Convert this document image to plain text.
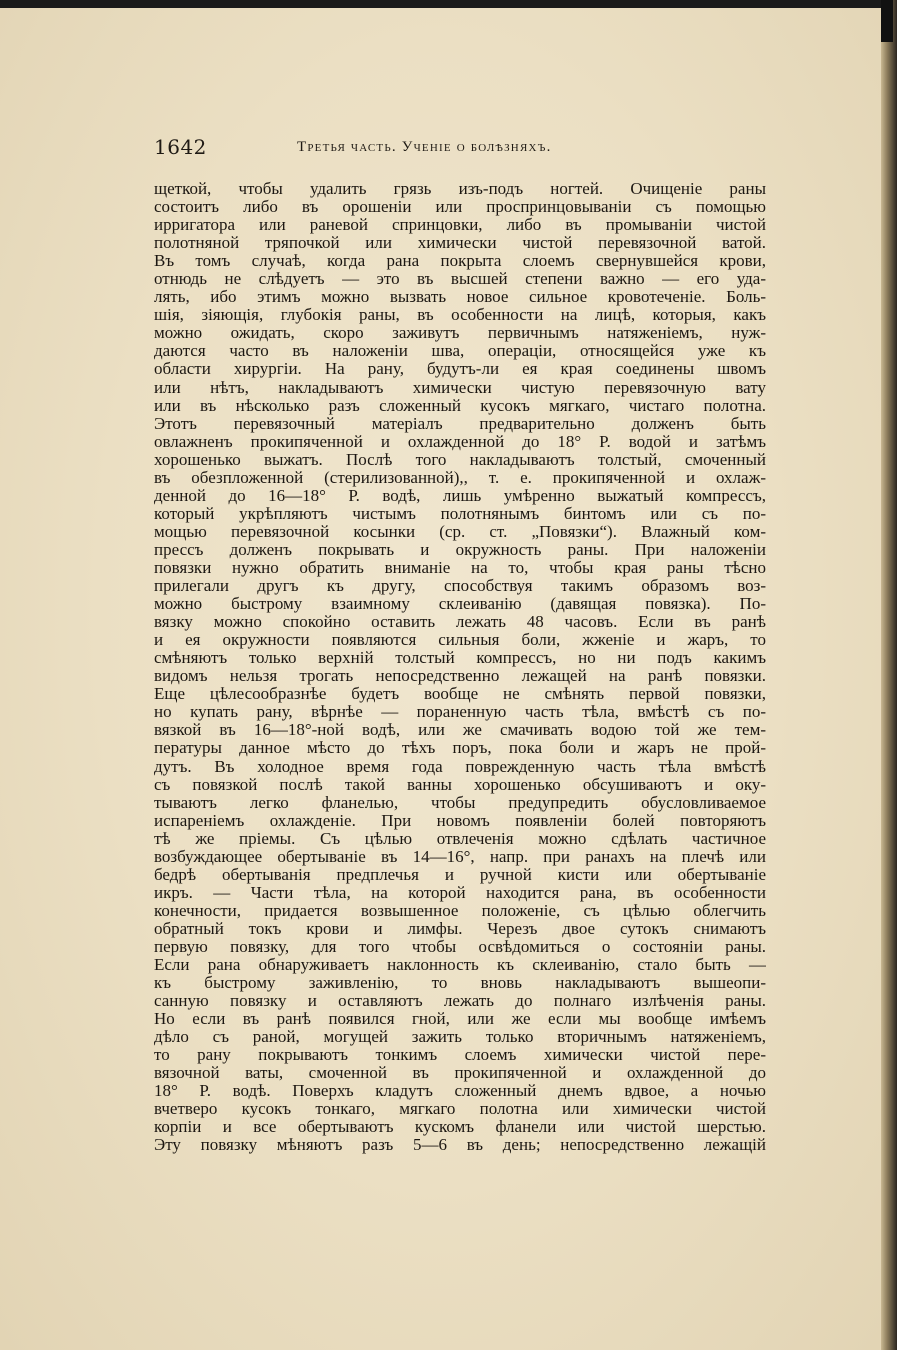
1642	Третья часть. Ученіе о болѣзняхъ.
щеткой, чтобы удалить грязь изъ-подъ ногтей. Очищеніе раны
состоитъ либо въ орошеніи или проспринцовываніи съ помощью
ирригатора или раневой спринцовки, либо въ промываніи чистой
полотняной тряпочкой или химически чистой перевязочной ватой.
Въ томъ случаѣ, когда рана покрыта слоемъ свернувшейся крови,
отнюдь не слѣдуетъ — это въ высшей степени важно — его уда-
лять, ибо этимъ можно вызвать новое сильное кровотеченіе. Боль-
шія, зіяющія, глубокія раны, въ особенности на лицѣ, которыя, какъ
можно ожидать, скоро заживутъ первичнымъ натяженіемъ, нуж-
даются часто въ наложеніи шва, операціи, относящейся уже къ
области хирургіи. На рану, будутъ-ли ея края соединены швомъ
или нѣтъ, накладываютъ химически чистую перевязочную вату
или въ нѣсколько разъ сложенный кусокъ мягкаго, чистаго полотна.
Этотъ перевязочный матеріалъ предварительно долженъ быть
овлажненъ прокипяченной и охлажденной до 18° Р. водой и затѣмъ
хорошенько выжатъ. Послѣ того накладываютъ толстый, смоченный
въ обезпложенной (стерилизованной),, т. е. прокипяченной и охлаж-
денной до 16—18° Р. водѣ, лишь умѣренно выжатый компрессъ,
который укрѣпляютъ чистымъ полотнянымъ бинтомъ или съ по-
мощью перевязочной косынки (ср. ст. „Повязки“). Влажный ком-
прессъ долженъ покрывать и окружность раны. При наложеніи
повязки нужно обратить вниманіе на то, чтобы края раны тѣсно
прилегали другъ къ другу, способствуя такимъ образомъ воз-
можно быстрому взаимному склеиванію (давящая повязка). По-
вязку можно спокойно оставить лежать 48 часовъ. Если въ ранѣ
и ея окружности появляются сильныя боли, жженіе и жаръ, то
смѣняютъ только верхній толстый компрессъ, но ни подъ какимъ
видомъ нельзя трогать непосредственно лежащей на ранѣ повязки.
Еще цѣлесообразнѣе будетъ вообще не смѣнять первой повязки,
но купать рану, вѣрнѣе — пораненную часть тѣла, вмѣстѣ съ по-
вязкой въ 16—18°-ной водѣ, или же смачивать водою той же тем-
пературы данное мѣсто до тѣхъ поръ, пока боли и жаръ не прой-
дутъ. Въ холодное время года поврежденную часть тѣла вмѣстѣ
съ повязкой послѣ такой ванны хорошенько обсушиваютъ и оку-
тываютъ легко фланелью, чтобы предупредить обусловливаемое
испареніемъ охлажденіе. При новомъ появленіи болей повторяютъ
тѣ же пріемы. Съ цѣлью отвлеченія можно сдѣлать частичное
возбуждающее обертываніе въ 14—16°, напр. при ранахъ на плечѣ или
бедрѣ обертыванія предплечья и ручной кисти или обертываніе
икръ. — Части тѣла, на которой находится рана, въ особенности
конечности, придается возвышенное положеніе, съ цѣлью облегчить
обратный токъ крови и лимфы. Черезъ двое сутокъ снимаютъ
первую повязку, для того чтобы освѣдомиться о состояніи раны.
Если рана обнаруживаетъ наклонность къ склеиванію, стало быть —
къ быстрому заживленію, то вновь накладываютъ вышеопи-
санную повязку и оставляютъ лежать до полнаго излѣченія раны.
Но если въ ранѣ появился гной, или же если мы вообще имѣемъ
дѣло съ раной, могущей зажить только вторичнымъ натяженіемъ,
то рану покрываютъ тонкимъ слоемъ химически чистой пере-
вязочной ваты, смоченной въ прокипяченной и охлажденной до
18° Р. водѣ. Поверхъ кладутъ сложенный днемъ вдвое, а ночью
вчетверо кусокъ тонкаго, мягкаго полотна или химически чистой
корпіи и все обертываютъ кускомъ фланели или чистой шерстью.
Эту повязку мѣняютъ разъ 5—6 въ день; непосредственно лежащій
